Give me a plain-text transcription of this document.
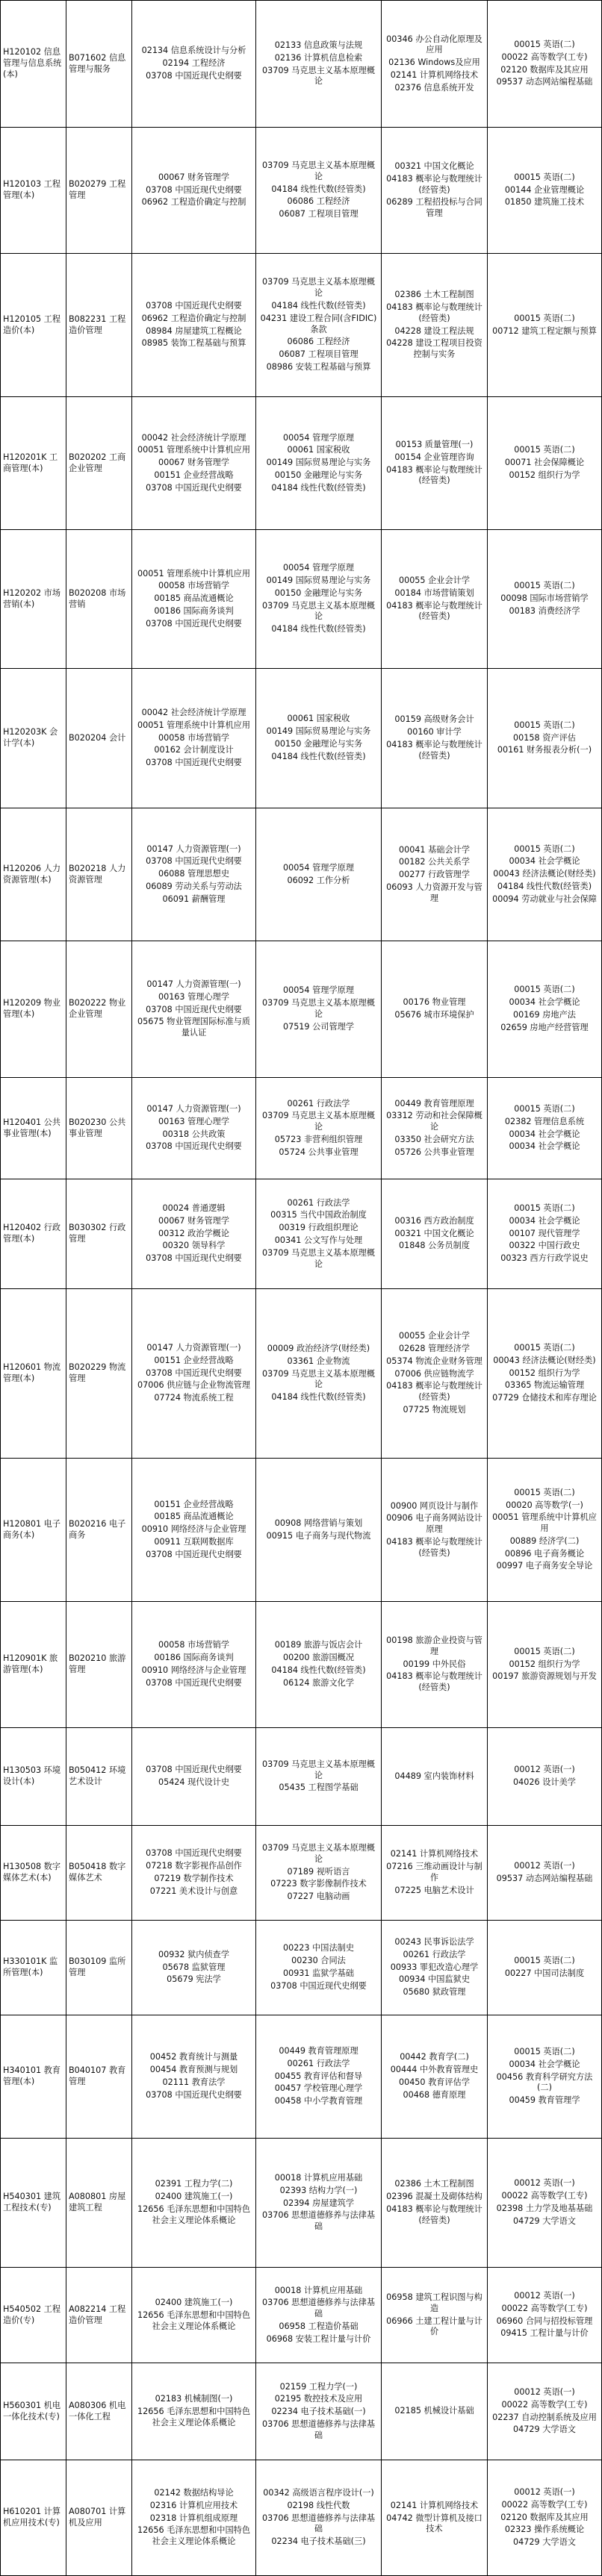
H120102 信息管理与信息系统(本)
B071602 信息管理与服务
02134 信息系统设计与分析
02194 工程经济
03708 中国近现代史纲要
02133 信息政策与法规
02136 计算机信息检索
03709 马克思主义基本原理概论
00346 办公自动化原理及应用
02136 Windows及应用
02141 计算机网络技术
02376 信息系统开发
00015 英语(二)
00022 高等数学(工专)
02120 数据库及其应用
09537 动态网站编程基础
H120103 工程管理(本)
B020279 工程管理
00067 财务管理学
03708 中国近现代史纲要
06962 工程造价确定与控制
03709 马克思主义基本原理概论
04184 线性代数(经管类)
06086 工程经济
06087 工程项目管理
00321 中国文化概论
04183 概率论与数理统计(经管类)
06289 工程招投标与合同管理
00015 英语(二)
00144 企业管理概论
01850 建筑施工技术
H120105 工程造价(本)
B082231 工程造价管理
03708 中国近现代史纲要
06962 工程造价确定与控制
08984 房屋建筑工程概论
08985 装饰工程基础与预算
03709 马克思主义基本原理概论
04184 线性代数(经管类)
04231 建设工程合同(含FIDIC)条款
06086 工程经济
06087 工程项目管理
08986 安装工程基础与预算
02386 土木工程制图
04183 概率论与数理统计(经管类)
04228 建设工程法规
04228 建设工程项目投资控制与实务
00015 英语(二)
00712 建筑工程定额与预算
H120201K 工商管理(本)
B020202 工商企业管理
00042 社会经济统计学原理
00051 管理系统中计算机应用
00067 财务管理学
00151 企业经营战略
03708 中国近现代史纲要
00054 管理学原理
00061 国家税收
00149 国际贸易理论与实务
00150 金融理论与实务
04184 线性代数(经管类)
00153 质量管理(一)
00154 企业管理咨询
04183 概率论与数理统计(经管类)
00015 英语(二)
00071 社会保障概论
00152 组织行为学
H120202 市场营销(本)
B020208 市场营销
00051 管理系统中计算机应用
00058 市场营销学
00185 商品流通概论
00186 国际商务谈判
03708 中国近现代史纲要
00054 管理学原理
00149 国际贸易理论与实务
00150 金融理论与实务
03709 马克思主义基本原理概论
04184 线性代数(经管类)
00055 企业会计学
00184 市场营销策划
04183 概率论与数理统计(经管类)
00015 英语(二)
00098 国际市场营销学
00183 消费经济学
H120203K 会计学(本)
B020204 会计
00042 社会经济统计学原理
00051 管理系统中计算机应用
00058 市场营销学
00162 会计制度设计
03708 中国近现代史纲要
00061 国家税收
00149 国际贸易理论与实务
00150 金融理论与实务
04184 线性代数(经管类)
00159 高级财务会计
00160 审计学
04183 概率论与数理统计(经管类)
00015 英语(二)
00158 资产评估
00161 财务报表分析(一)
H120206 人力资源管理(本)
B020218 人力资源管理
00147 人力资源管理(一)
03708 中国近现代史纲要
06088 管理思想史
06089 劳动关系与劳动法
06091 薪酬管理
00054 管理学原理
06092 工作分析
00041 基础会计学
00182 公共关系学
00277 行政管理学
06093 人力资源开发与管理
00015 英语(二)
00034 社会学概论
00043 经济法概论(财经类)
04184 线性代数(经管类)
00094 劳动就业与社会保障
H120209 物业管理(本)
B020222 物业企业管理
00147 人力资源管理(一)
00163 管理心理学
03708 中国近现代史纲要
05675 物业管理国际标准与质量认证
00054 管理学原理
03709 马克思主义基本原理概论
07519 公司管理学
00176 物业管理
05676 城市环境保护
00015 英语(二)
00034 社会学概论
00169 房地产法
02659 房地产经营管理
H120401 公共事业管理(本)
B020230 公共事业管理
00147 人力资源管理(一)
00163 管理心理学
00318 公共政策
03708 中国近现代史纲要
00261 行政法学
03709 马克思主义基本原理概论
05723 非营利组织管理
05724 公共事业管理
00449 教育管理原理
03312 劳动和社会保障概论
03350 社会研究方法
05726 公共事业管理
00015 英语(二)
02382 管理信息系统
00034 社会学概论
00034 社会学概论
H120402 行政管理(本)
B030302 行政管理
00024 普通逻辑
00067 财务管理学
00312 政治学概论
00320 领导科学
03708 中国近现代史纲要
00261 行政法学
00315 当代中国政治制度
00319 行政组织理论
00341 公文写作与处理
03709 马克思主义基本原理概论
00316 西方政治制度
00321 中国文化概论
01848 公务员制度
00015 英语(二)
00034 社会学概论
00107 现代管理学
00322 中国行政史
00323 西方行政学说史
H120601 物流管理(本)
B020229 物流管理
00147 人力资源管理(一)
00151 企业经营战略
03708 中国近现代史纲要
07006 供应链与企业物流管理
07724 物流系统工程
00009 政治经济学(财经类)
03361 企业物流
03709 马克思主义基本原理概论
04184 线性代数(经管类)
00055 企业会计学
02628 管理经济学
05374 物流企业财务管理
07006 供应链物流学
04183 概率论与数理统计(经管类)
07725 物流规划
00015 英语(二)
00043 经济法概论(财经类)
00152 组织行为学
03365 物流运输管理
07729 仓储技术和库存理论
H120801 电子商务(本)
B020216 电子商务
00151 企业经营战略
00185 商品流通概论
00910 网络经济与企业管理
00911 互联网数据库
03708 中国近现代史纲要
00908 网络营销与策划
00915 电子商务与现代物流
00900 网页设计与制作
00906 电子商务网站设计原理
04183 概率论与数理统计(经管类)
00015 英语(二)
00020 高等数学(一)
00051 管理系统中计算机应用
00889 经济学(二)
00896 电子商务概论
00997 电子商务安全导论
H120901K 旅游管理(本)
B020210 旅游管理
00058 市场营销学
00186 国际商务谈判
00910 网络经济与企业管理
03708 中国近现代史纲要
00189 旅游与饭店会计
00200 旅游国概况
04184 线性代数(经管类)
06124 旅游文化学
00198 旅游企业投资与管理
00199 中外民俗
04183 概率论与数理统计(经管类)
00015 英语(二)
00152 组织行为学
00197 旅游资源规划与开发
H130503 环境设计(本)
B050412 环境艺术设计
03708 中国近现代史纲要
05424 现代设计史
03709 马克思主义基本原理概论
05435 工程图学基础
04489 室内装饰材料
00012 英语(一)
04026 设计美学
H130508 数字媒体艺术(本)
B050418 数字媒体艺术
03708 中国近现代史纲要
07218 数字影视作品创作
07219 数学制作技术
07221 美术设计与创意
03709 马克思主义基本原理概论
07189 视听语言
07223 数字影像制作技术
07227 电脑动画
02141 计算机网络技术
07216 三维动画设计与制作
07225 电脑艺术设计
00012 英语(一)
09537 动态网站编程基础
H330101K 监所管理(本)
B030109 监所管理
00932 狱内侦查学
05678 监狱管理
05679 宪法学
00223 中国法制史
00230 合同法
00931 监狱学基础
03708 中国近现代史纲要
00243 民事诉讼法学
00261 行政法学
00933 罪犯改造心理学
00934 中国监狱史
05680 狱政管理
00015 英语(二)
00227 中国司法制度
H340101 教育管理(本)
B040107 教育管理
00452 教育统计与测量
00454 教育预测与规划
02111 教育法学
03708 中国近现代史纲要
00449 教育管理原理
00261 行政法学
00455 教育评估和督导
00457 学校管理心理学
00458 中小学教育管理
00442 教育学(二)
00444 中外教育管理史
00450 教育评估学
00468 德育原理
00015 英语(二)
00034 社会学概论
00456 教育科学研究方法(二)
00459 教育管理学
H540301 建筑工程技术(专)
A080801 房屋建筑工程
02391 工程力学(二)
02400 建筑施工(一)
12656 毛泽东思想和中国特色社会主义理论体系概论
00018 计算机应用基础
02393 结构力学(一)
02394 房屋建筑学
03706 思想道德修养与法律基础
02386 土木工程制图
02396 混凝土及砌体结构
04183 概率论与数理统计(经管类)
00012 英语(一)
00022 高等数学(工专)
02398 土力学及地基基础
04729 大学语文
H540502 工程造价(专)
A082214 工程造价管理
02400 建筑施工(一)
12656 毛泽东思想和中国特色社会主义理论体系概论
00018 计算机应用基础
03706 思想道德修养与法律基础
06958 工程造价基础
06968 安装工程计量与计价
06958 建筑工程识图与构造
06966 土建工程计量与计价
00012 英语(一)
00022 高等数学(工专)
06960 合同与招投标管理
09415 工程计量与计价
H560301 机电一体化技术(专)
A080306 机电一体化工程
02183 机械制图(一)
12656 毛泽东思想和中国特色社会主义理论体系概论
02159 工程力学(一)
02195 数控技术及应用
02234 电子技术基础(一)
03706 思想道德修养与法律基础
02185 机械设计基础
00012 英语(一)
00022 高等数学(工专)
02237 自动控制系统及应用
04729 大学语文
H610201 计算机应用技术(专)
A080701 计算机及应用
02142 数据结构导论
02316 计算机应用技术
02318 计算机组成原理
12656 毛泽东思想和中国特色社会主义理论体系概论
00342 高级语言程序设计(一)
02198 线性代数
03706 思想道德修养与法律基础
02234 电子技术基础(三)
02141 计算机网络技术
04742 微型计算机及接口技术
00012 英语(一)
00022 高等数学(工专)
02120 数据库及其应用
02323 操作系统概论
04729 大学语文
